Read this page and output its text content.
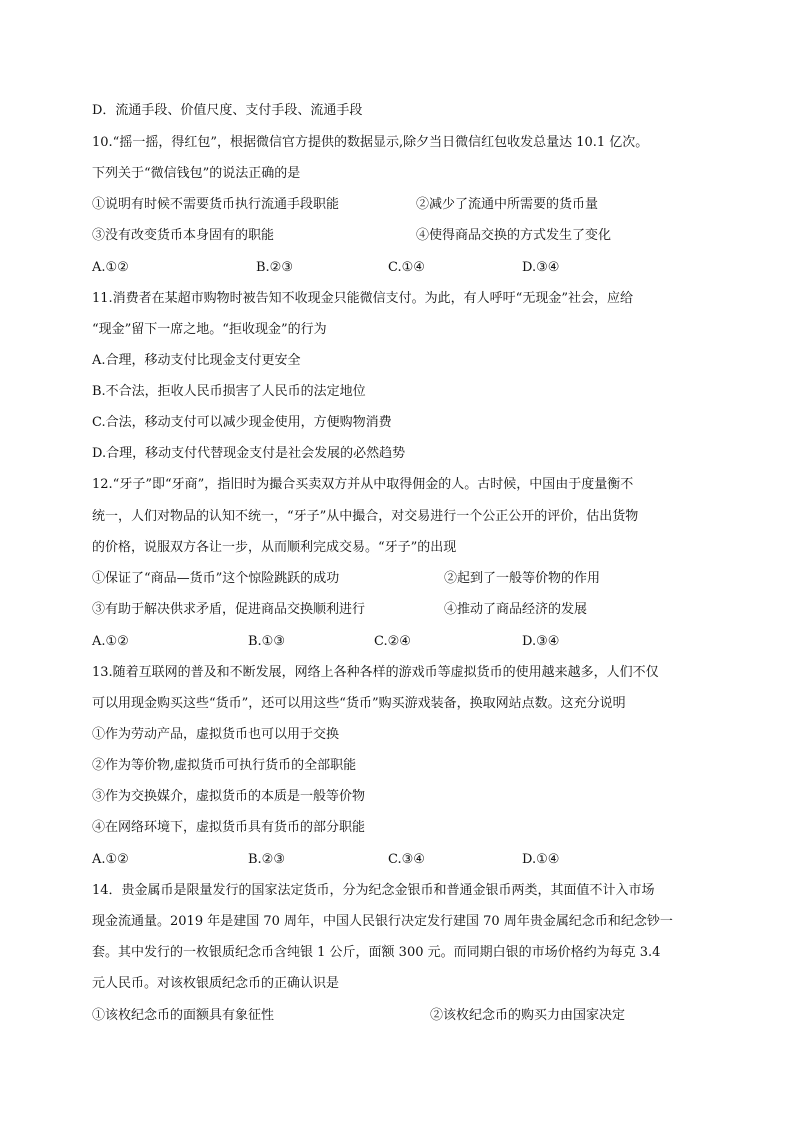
D．流通手段、价值尺度、支付手段、流通手段
10.“摇一摇，得红包”，根据微信官方提供的数据显示,除夕当日微信红包收发总量达 10.1 亿次。
下列关于“微信钱包”的说法正确的是
①说明有时候不需要货币执行流通手段职能	②减少了流通中所需要的货币量
③没有改变货币本身固有的职能	④使得商品交换的方式发生了变化
A.①②	B.②③	C.①④	D.③④
11.消费者在某超市购物时被告知不收现金只能微信支付。为此，有人呼吁“无现金”社会，应给
“现金”留下一席之地。“拒收现金”的行为
A.合理，移动支付比现金支付更安全
B.不合法，拒收人民币损害了人民币的法定地位
C.合法，移动支付可以减少现金使用，方便购物消费
D.合理，移动支付代替现金支付是社会发展的必然趋势
12.“牙子”即“牙商”，指旧时为撮合买卖双方并从中取得佣金的人。古时候，中国由于度量衡不
统一，人们对物品的认知不统一，“牙子”从中撮合，对交易进行一个公正公开的评价，估出货物
的价格，说服双方各让一步，从而顺利完成交易。“牙子”的出现
①保证了“商品—货币”这个惊险跳跃的成功	②起到了一般等价物的作用
③有助于解决供求矛盾，促进商品交换顺利进行	④推动了商品经济的发展
A.①②	B.①③	C.②④	D.③④
13.随着互联网的普及和不断发展，网络上各种各样的游戏币等虚拟货币的使用越来越多，人们不仅
可以用现金购买这些“货币”，还可以用这些“货币”购买游戏装备，换取网站点数。这充分说明
①作为劳动产品，虚拟货币也可以用于交换
②作为等价物,虚拟货币可执行货币的全部职能
③作为交换媒介，虚拟货币的本质是一般等价物
④在网络环境下，虚拟货币具有货币的部分职能
A.①②	B.②③	C.③④	D.①④
14．贵金属币是限量发行的国家法定货币，分为纪念金银币和普通金银币两类，其面值不计入市场
现金流通量。2019 年是建国 70 周年，中国人民银行决定发行建国 70 周年贵金属纪念币和纪念钞一
套。其中发行的一枚银质纪念币含纯银 1 公斤，面额 300 元。而同期白银的市场价格约为每克 3.4
元人民币。对该枚银质纪念币的正确认识是
①该枚纪念币的面额具有象征性	②该枚纪念币的购买力由国家决定
